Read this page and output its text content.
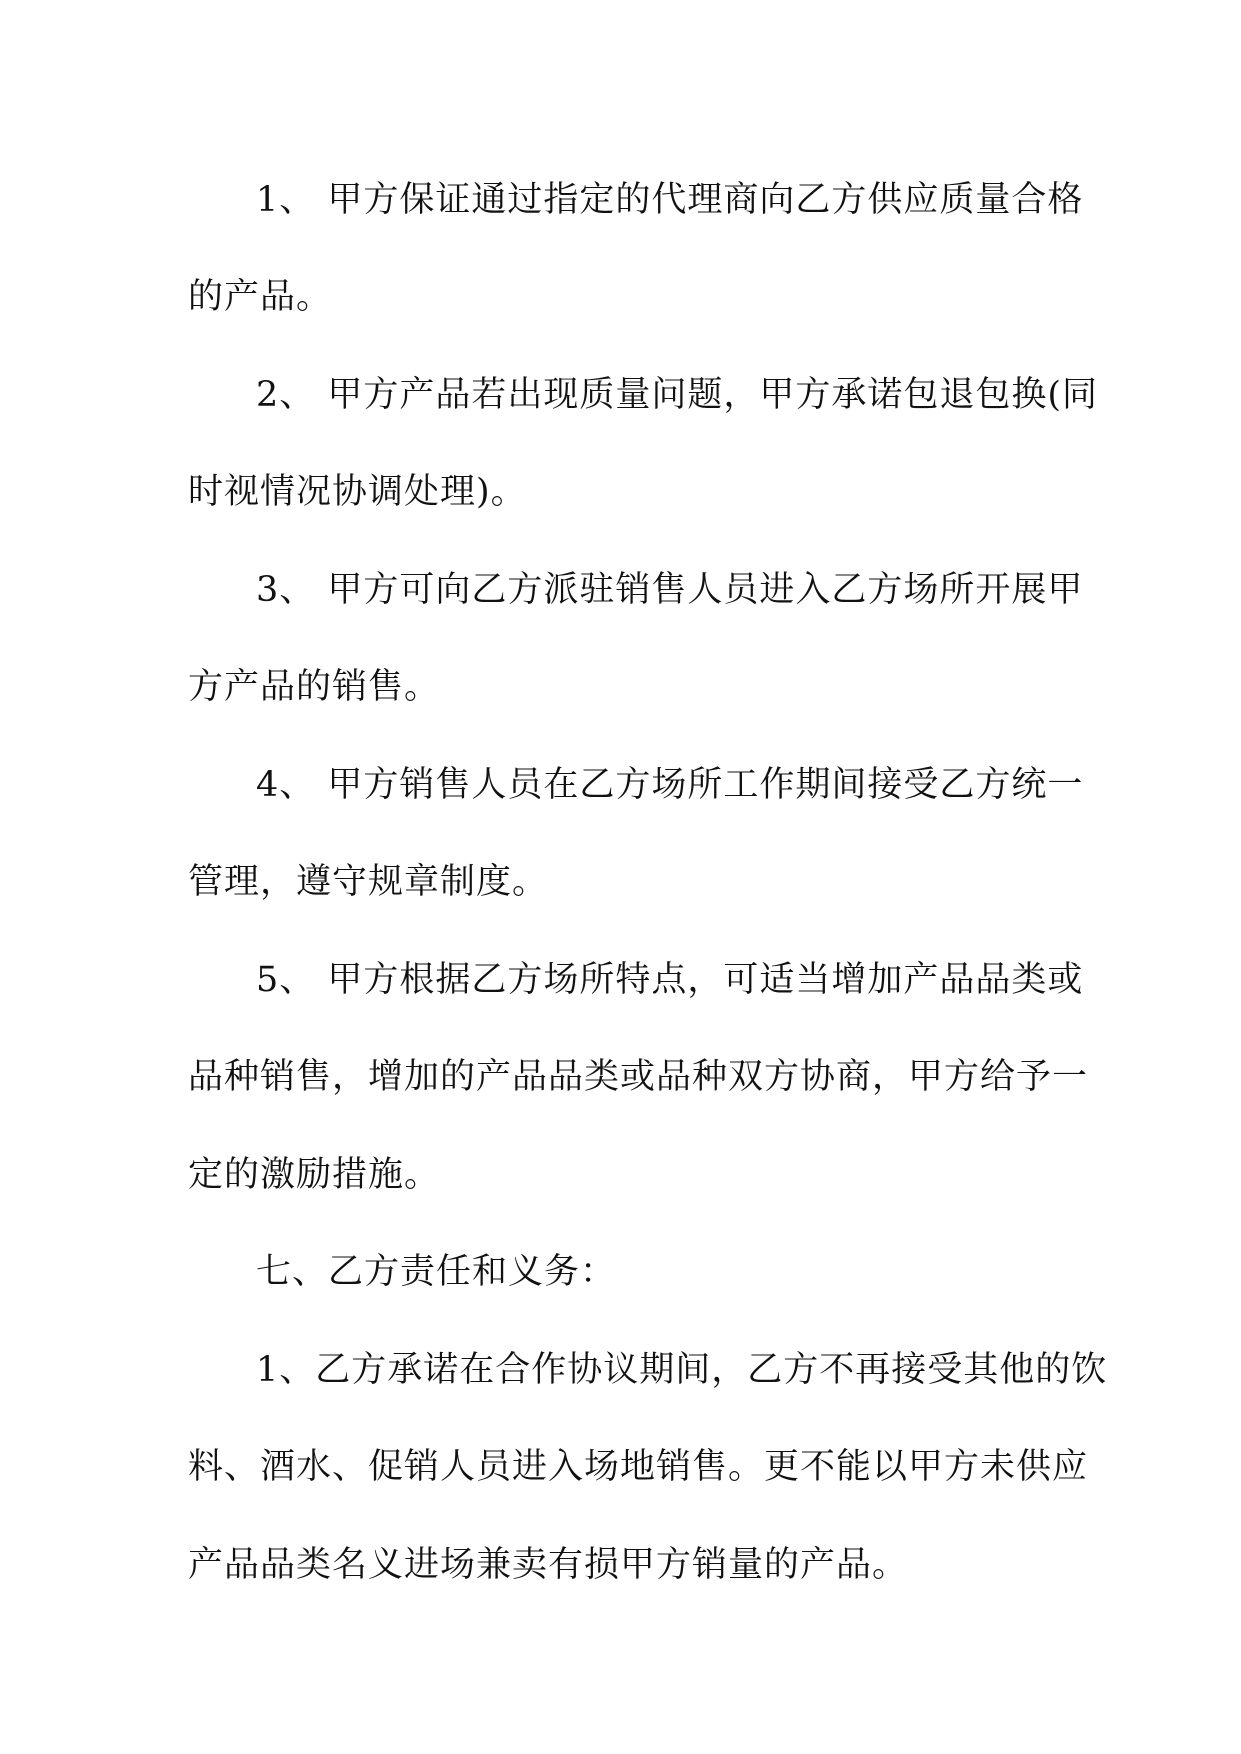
1、 甲方保证通过指定的代理商向乙方供应质量合格

的产品。

2、 甲方产品若出现质量问题，甲方承诺包退包换(同

时视情况协调处理)。

3、 甲方可向乙方派驻销售人员进入乙方场所开展甲

方产品的销售。

4、 甲方销售人员在乙方场所工作期间接受乙方统一

管理，遵守规章制度。

5、 甲方根据乙方场所特点，可适当增加产品品类或

品种销售，增加的产品品类或品种双方协商，甲方给予一

定的激励措施。

七、乙方责任和义务：

1、乙方承诺在合作协议期间，乙方不再接受其他的饮

料、酒水、促销人员进入场地销售。更不能以甲方未供应

产品品类名义进场兼卖有损甲方销量的产品。
